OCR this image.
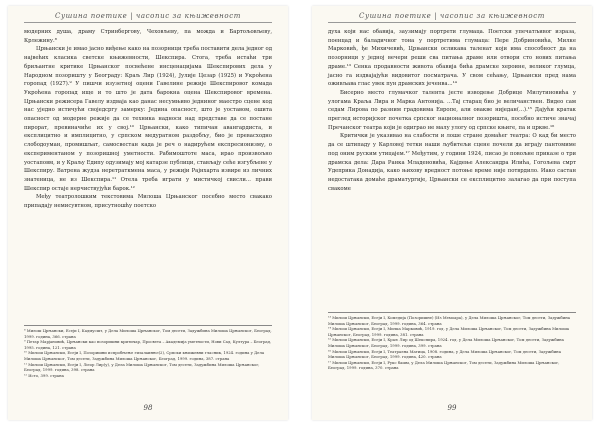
Сушина поетике | часопис за књижевност

модерних душа, драму Стринбергову, Чеховљеву, па можда и Бартољовљеву, Крлежину.⁸

Црњански је имао јасно виђење како на позорници треба поставити дела једног од највећих класика светске књижевности, Шекспира. Стога, треба истаћи три бриљантне критике Црњанског посвећене инсценацијама Шекспирових дела у Народном позоришту у Београду: Краљ Лир (1924), Јулије Цезар (1925) и Укроћена горопад (1927).⁹ У пишчи изузетној оцени Гавелине режије Шекспировог комада Укроћена горопад ище и то што је дата барокна оцена Шекспировог времена. Црњански режисера Гавелу издваја као данас несумњиво једниног маестро сцене код нас уједно истичући своједсргу замерку: Једина опасност, што је уоставом, ошита опасност од модерне режије да се техника надноси над представе да се постане пирорат, превиначиће их у свој.¹⁰ Црњански, како типичан авангардиста, и експлицитно и имплицитно, у српском медуратном раздобљу, био је превасходно слободоуман, промишљат, самосвестан када је реч о надирућем експресионизму, о експериментаном у позоришној уметности. Рабимоштоте маса, ирао произвољно уостаповм, и у Краљу Едипу одузимају мој катарзе публици, стављају сеће изгубљене у Шекспиру. Ватрена жудза неретраткмена маса, у режији Рајнхарта извире из личних знатеница, не из Шекспира.¹¹ Отела треба играти у мистичкој свисли... прави Шекспир остаје нерчиствујући барок.¹²

Међу театролошким текстовима Милоша Црњанског посебно место свакако припадају немисувтном, присутношћу поетско

⁸ Милош Црњански, Есеји I, Кадмусшт, у Дела Милоша Црњанског, Том десети, Задужбина Милоша Црњанског, Београд, 1999. година, 366. страна
⁹ Петар Марјановић, Црњански као позоришни критичар, Просвета – Академија уметности, Нови Сад, Култура – Београд, 1995. година, 121. страна
¹⁰ Милош Црњански, Есеји I, Позоришни испробњење гизалаинње(2), Српски књижевни гласник, 1924. година у Дела Милоша Црњанског, Том десети, Задужбина Милоша Црњанског, Београд, 1999. година, 387. страна
¹¹ Милош Црњански, Есеји I, Љеор Лир(у), у Дела Милоша Црњанског, Том десети, Задужбина Милоша Црњанског, Београд, 1999. година, 398. страна
¹² Исто, 399. страна
98
Сушина поетике | часопис за књижевност

духа који нас обавија, заузимају портрети глумаца. Поетски упечатљивог израза, поенцад и баладичног тона у портретима глумаца: Пере Добриновића, Милке Марковић, ђе Михичевић, Црњански осликава таленат који има способност да на позорници у једној вечери реши сва питања драме или отвори сто нових питања драме.¹³ Сенка продавности живота обавија бића драмске хероине, великог глумца, јасно га издвајајући видовитог посматрача. У свом сећању, Црњански пред нама оживљава глас увек пун драмских јеченва...¹⁴

Бисерно место глумачког талента јесте изводење Добрице Милутиновића у улогама Краља Лира и Марка Антонија. ...Тај старац био је величанствен. Видео сам седам Лирова по разним градовима Европе, али овакве ниједан(...).¹⁵ Дајући кратак преглед историјског почетка српског националног позоришта, посебно истиче значај Пречанског театра који је одиграо не малу улогу од српске књиге, па и цркве.¹⁶

Критички је указивао на слабости и лоше стране домаћег театра: О кад би место да се штипаду у Карловој тетки наши љубитељи сцене почели да играју пантомиме под оним руским утицајем.¹⁷ Међутим, у години 1924, писао је повољне приказе о три драмска дела: Дара Ранка Младеновића, Кајдење Александра Илића, Гогољева смрт Удеприка Донадија, како њихову вредност потоње време није потврдило. Иако састан недостатака домаће драматургије, Црњански се експлицитно залагао да при поступа свакоме

¹³ Милош Црњански, Есеји I, Комедија (Позоришне) (Из Мемоара), у Дела Милоша Црњанског, Том десети, Задужбина Милоша Црњанског, Београд, 1999. година, 364. страна
¹⁴ Милош Црњански, Есеји I, Милка Марковић, 1919. год. у Дела Милоша Црњанског, Том десети, Задужбина Милоша Црњанског, Београд, 1999. година, 381. страна
¹⁵ Милош Црњански, Есеји I, Краљ Лир од Шекспира, 1924. год. у Дела Милоша Црњанског, Том десети, Задужбина Милоша Црњанског, Београд, 1999. година, 399. страна
¹⁶ Милош Црњански, Есеји I, Театрална Матица, 1908. година, у Дела Милоша Црњанског, Том десети, Задужбина Милоша Црњанског, Београд, 1999. година, 420. страна
¹⁷ Милош Црњански, Есеји I, Рукс башм, у Дела Милоша Црњанског, Том десети, Задужбина Милоша Црњанског, Београд, 1999. година, 370. страна
99
